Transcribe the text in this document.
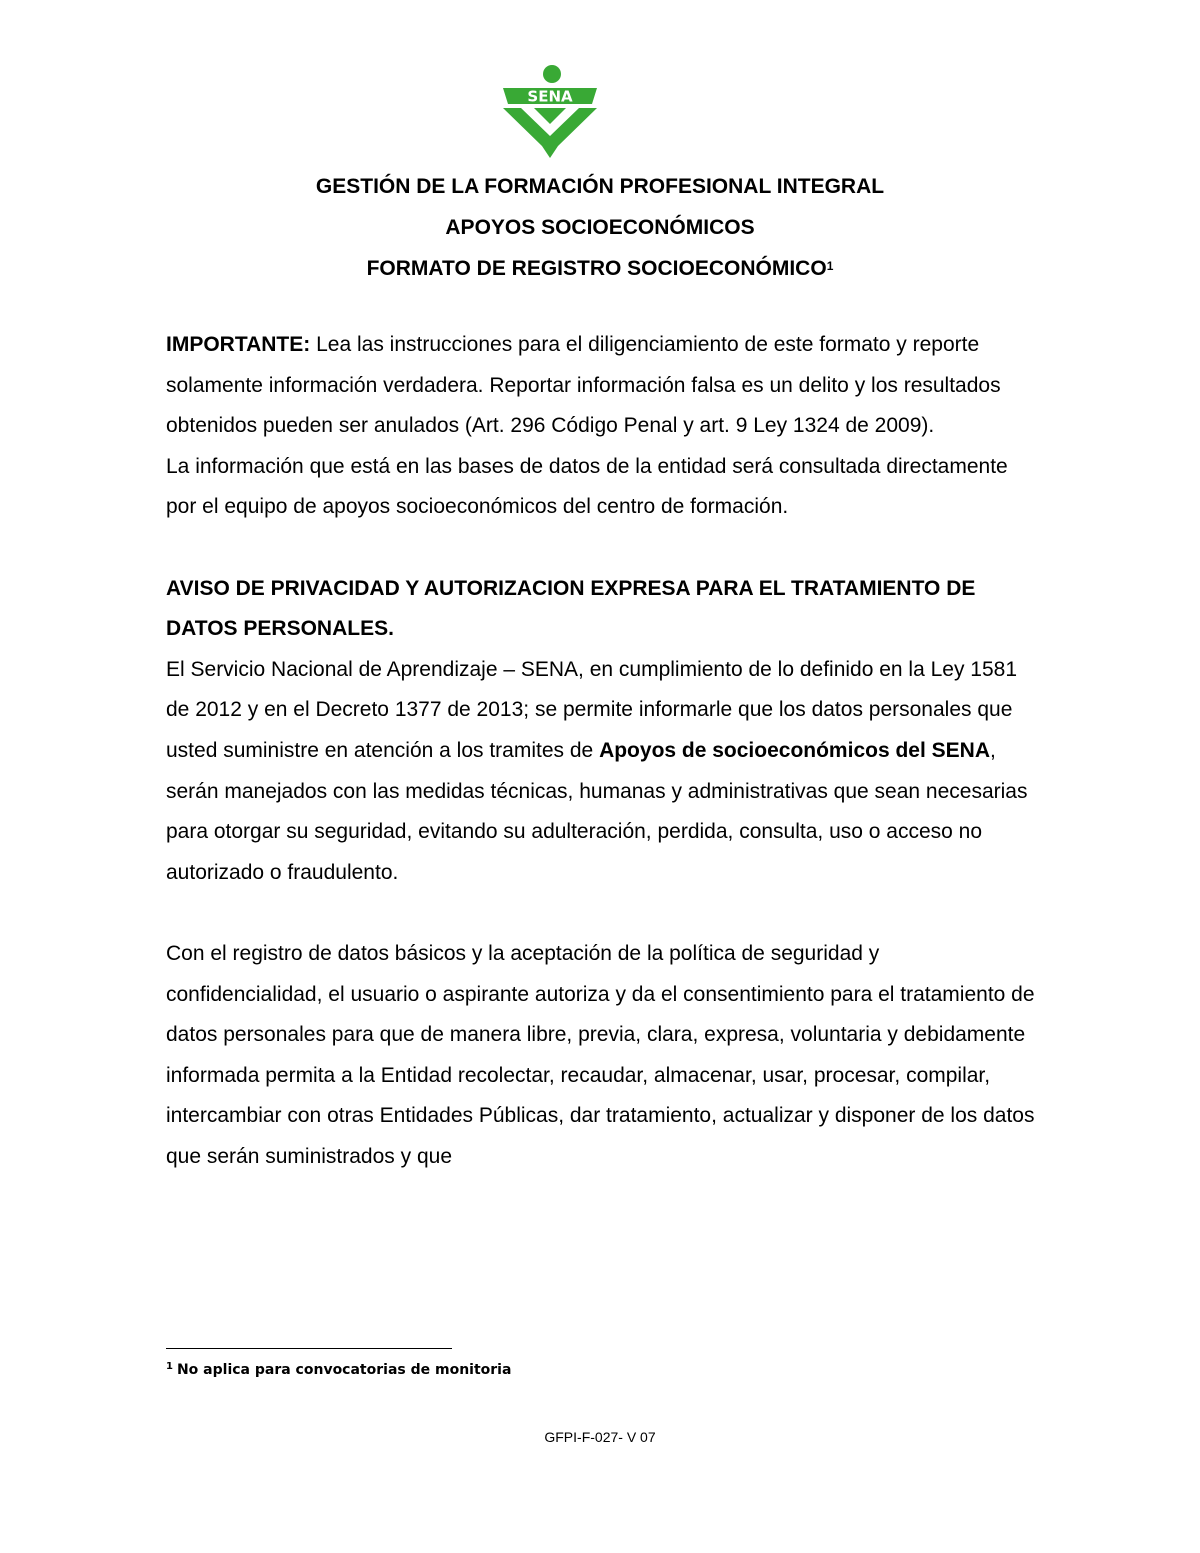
SENA
GESTIÓN DE LA FORMACIÓN PROFESIONAL INTEGRAL
APOYOS SOCIOECONÓMICOS
FORMATO DE REGISTRO SOCIOECONÓMICO$^1$

IMPORTANTE: Lea las instrucciones para el diligenciamiento de este formato y reporte solamente información verdadera. Reportar información falsa es un delito y los resultados obtenidos pueden ser anulados (Art. 296 Código Penal y art. 9 Ley 1324 de 2009).

La información que está en las bases de datos de la entidad será consultada directamente por el equipo de apoyos socioeconómicos del centro de formación.

AVISO DE PRIVACIDAD Y AUTORIZACION EXPRESA PARA EL TRATAMIENTO DE DATOS PERSONALES.

El Servicio Nacional de Aprendizaje – SENA, en cumplimiento de lo definido en la Ley 1581 de 2012 y en el Decreto 1377 de 2013; se permite informarle que los datos personales que usted suministre en atención a los tramites de Apoyos de socioeconómicos del SENA, serán manejados con las medidas técnicas, humanas y administrativas que sean necesarias para otorgar su seguridad, evitando su adulteración, perdida, consulta, uso o acceso no autorizado o fraudulento.

Con el registro de datos básicos y la aceptación de la política de seguridad y confidencialidad, el usuario o aspirante autoriza y da el consentimiento para el tratamiento de datos personales para que de manera libre, previa, clara, expresa, voluntaria y debidamente informada permita a la Entidad recolectar, recaudar, almacenar, usar, procesar, compilar, intercambiar con otras Entidades Públicas, dar tratamiento, actualizar y disponer de los datos que serán suministrados y que

$^1$ No aplica para convocatorias de monitoria
GFPI-F-027- V 07
